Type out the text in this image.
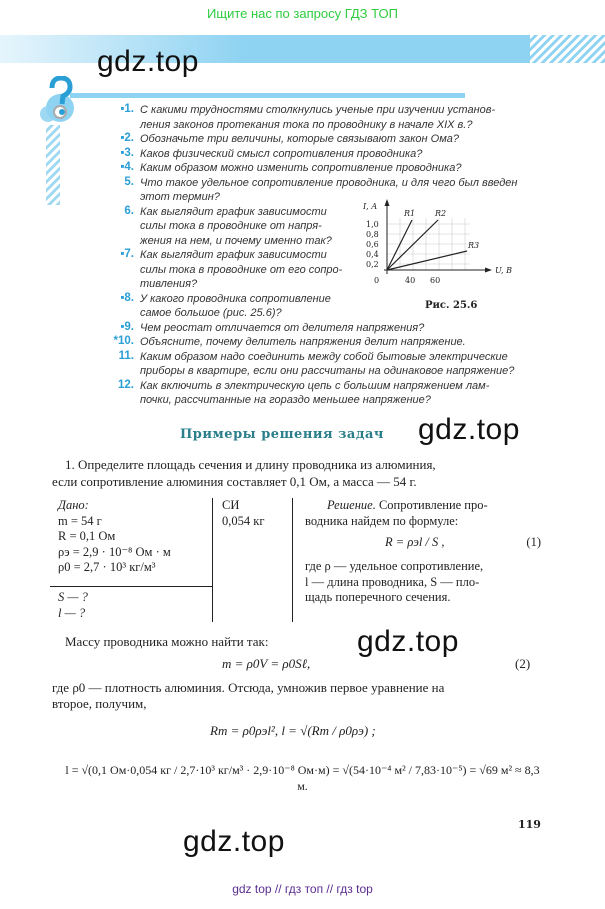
Ищите нас по запросу ГДЗ ТОП
gdz.top
▪1. С какими трудностями столкнулись ученые при изучении установ-
ления законов протекания тока по проводнику в начале XIX в.?
▪2. Обозначьте три величины, которые связывают закон Ома?
▪3. Каков физический смысл сопротивления проводника?
▪4. Каким образом можно изменить сопротивление проводника?
5. Что такое удельное сопротивление проводника, и для чего был введен
этот термин?
6. Как выглядит график зависимости
силы тока в проводнике от напря-
жения на нем, и почему именно так?
▪7. Как выглядит график зависимости
силы тока в проводнике от его сопро-
тивления?
▪8. У какого проводника сопротивление
самое большое (рис. 25.6)?
▪9. Чем реостат отличается от делителя напряжения?
*10. Объясните, почему делитель напряжения делит напряжение.
11. Каким образом надо соединить между собой бытовые электрические
приборы в квартире, если они рассчитаны на одинаковое напряжение?
12. Как включить в электрическую цепь с большим напряжением лам-
почки, рассчитанные на гораздо меньшее напряжение?
I, А
U, В
1,0
0,8
0,6
0,4
0,2
0	40 60
R1 R2
R3
Рис. 25.6
Примеры решения задач gdz.top
1. Определите площадь сечения и длину проводника из алюминия,
если сопротивление алюминия составляет 0,1 Ом, а масса — 54 г.
Дано:
m = 54 г
R = 0,1 Ом
ρэ = 2,9 · 10⁻⁸ Ом · м
ρ0 = 2,7 · 10³ кг/м³
S — ?
l — ?
СИ
0,054 кг
Решение. Сопротивление про-
водника найдем по формуле:
R = ρэl / S ,	(1)
где ρ — удельное сопротивление,
l — длина проводника, S — пло-
щадь поперечного сечения.
Массу проводника можно найти так:	gdz.top
m = ρ0V = ρ0Sℓ,	(2)
где ρ0 — плотность алюминия. Отсюда, умножив первое уравнение на
второе, получим,
Rm = ρ0ρэl², l = √(Rm / ρ0ρэ) ;
l = √(0,1 Ом·0,054 кг / 2,7·10³ кг/м³ · 2,9·10⁻⁸ Ом·м) = √(54·10⁻⁴ м² / 7,83·10⁻⁵) = √69 м² ≈ 8,3 м.
119
gdz.top
gdz top // гдз топ // гдз top
